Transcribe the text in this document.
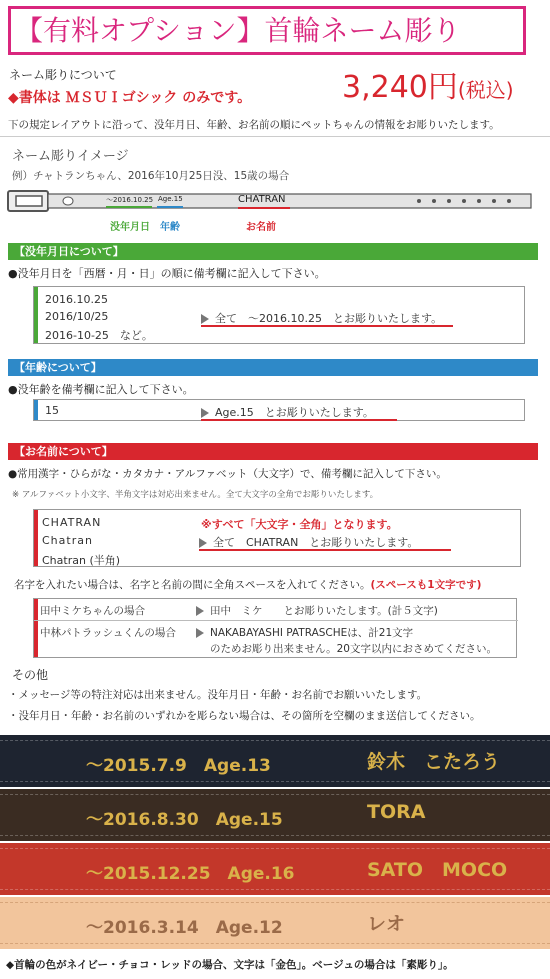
【有料オプション】首輪ネーム彫り
ネーム彫りについて	3,240円(税込)
◆書体は ＭＳＵＩゴシック のみです。
下の規定レイアウトに沿って、没年月日、年齢、お名前の順にペットちゃんの情報をお彫りいたします。
ネーム彫りイメージ
例）チャトランちゃん、2016年10月25日没、15歳の場合
～2016.10.25 Age.15	CHATRAN
没年月日 年齢	お名前
【没年月日について】
●没年月日を「西暦・月・日」の順に備考欄に記入して下さい。
2016.10.25
2016/10/25
2016-10-25　など。
全て　～2016.10.25　とお彫りいたします。
【年齢について】
●没年齢を備考欄に記入して下さい。
15	Age.15　とお彫りいたします。
【お名前について】
●常用漢字・ひらがな・カタカナ・アルファベット（大文字）で、備考欄に記入して下さい。
※ アルファベット小文字、半角文字は対応出来ません。全て大文字の全角でお彫りいたします。
CHATRAN
Chatran
Chatran (半角)
※すべて「大文字・全角」となります。
全て　CHATRAN　とお彫りいたします。
名字を入れたい場合は、名字と名前の間に全角スペースを入れてください。(スペースも1文字です)
田中ミケちゃんの場合	田中　ミケ　　とお彫りいたします。(計５文字)
中林パトラッシュくんの場合	NAKABAYASHI PATRASCHEは、計21文字
のためお彫り出来ません。20文字以内におさめてください。
その他
・メッセージ等の特注対応は出来ません。没年月日・年齢・お名前でお願いいたします。
・没年月日・年齢・お名前のいずれかを彫らない場合は、その箇所を空欄のまま送信してください。
～2015.7.9　Age.13	鈴木　こたろう
～2016.8.30　Age.15	TORA
～2015.12.25　Age.16	SATO　MOCO
～2016.3.14　Age.12	レオ
◆首輪の色がネイビー・チョコ・レッドの場合、文字は「金色」。ベージュの場合は「素彫り」。
